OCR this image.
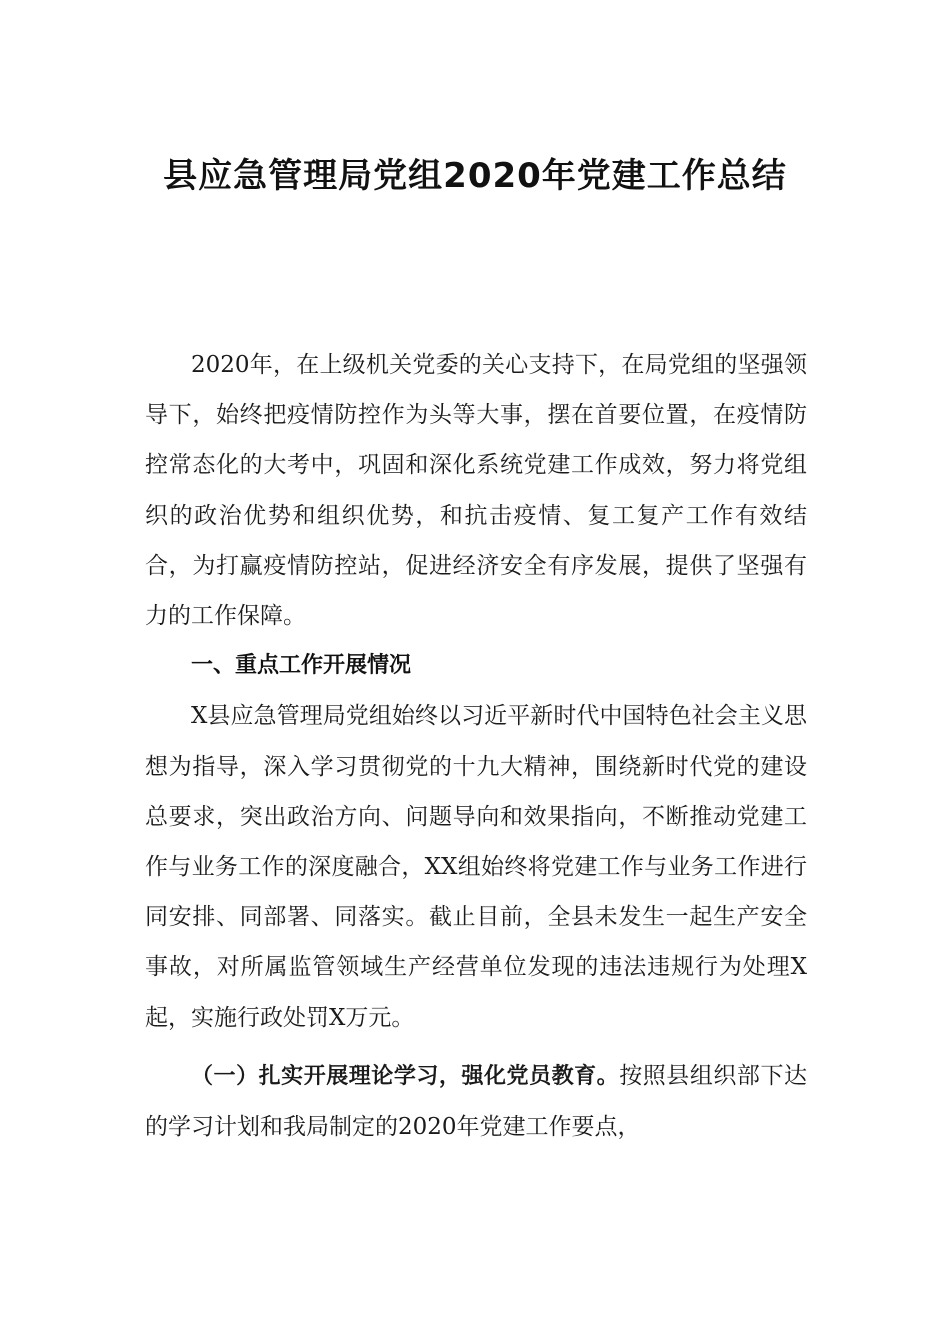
县应急管理局党组2020年党建工作总结

2020年，在上级机关党委的关心支持下，在局党组的坚强领导下，始终把疫情防控作为头等大事，摆在首要位置，在疫情防控常态化的大考中，巩固和深化系统党建工作成效，努力将党组织的政治优势和组织优势，和抗击疫情、复工复产工作有效结合，为打赢疫情防控站，促进经济安全有序发展，提供了坚强有力的工作保障。

一、重点工作开展情况

X县应急管理局党组始终以习近平新时代中国特色社会主义思想为指导，深入学习贯彻党的十九大精神，围绕新时代党的建设总要求，突出政治方向、问题导向和效果指向，不断推动党建工作与业务工作的深度融合，XX组始终将党建工作与业务工作进行同安排、同部署、同落实。截止目前，全县未发生一起生产安全事故，对所属监管领域生产经营单位发现的违法违规行为处理X起，实施行政处罚X万元。

（一）扎实开展理论学习，强化党员教育。按照县组织部下达的学习计划和我局制定的2020年党建工作要点，
